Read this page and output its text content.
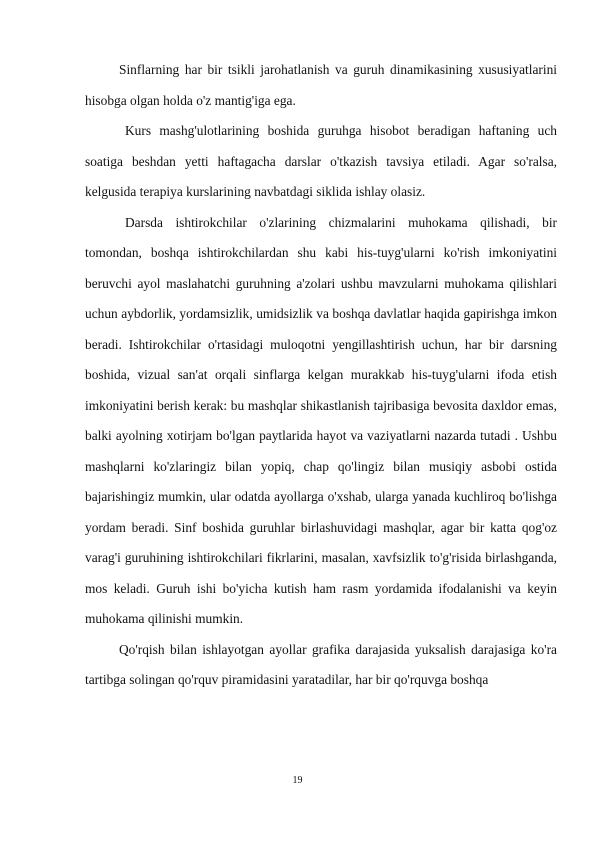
Sinflarning har bir tsikli jarohatlanish va guruh dinamikasining xususiyatlarini hisobga olgan holda o'z mantig'iga ega.

Kurs mashg'ulotlarining boshida guruhga hisobot beradigan haftaning uch soatiga beshdan yetti haftagacha darslar o'tkazish tavsiya etiladi. Agar so'ralsa, kelgusida terapiya kurslarining navbatdagi siklida ishlay olasiz.

Darsda ishtirokchilar o'zlarining chizmalarini muhokama qilishadi, bir tomondan, boshqa ishtirokchilardan shu kabi his-tuyg'ularni ko'rish imkoniyatini beruvchi ayol maslahatchi guruhning a'zolari ushbu mavzularni muhokama qilishlari uchun aybdorlik, yordamsizlik, umidsizlik va boshqa davlatlar haqida gapirishga imkon beradi. Ishtirokchilar o'rtasidagi muloqotni yengillashtirish uchun, har bir darsning boshida, vizual san'at orqali sinflarga kelgan murakkab his-tuyg'ularni ifoda etish imkoniyatini berish kerak: bu mashqlar shikastlanish tajribasiga bevosita daxldor emas, balki ayolning xotirjam bo'lgan paytlarida hayot va vaziyatlarni nazarda tutadi . Ushbu mashqlarni ko'zlaringiz bilan yopiq, chap qo'lingiz bilan musiqiy asbobi ostida bajarishingiz mumkin, ular odatda ayollarga o'xshab, ularga yanada kuchliroq bo'lishga yordam beradi. Sinf boshida guruhlar birlashuvidagi mashqlar, agar bir katta qog'oz varag'i guruhining ishtirokchilari fikrlarini, masalan, xavfsizlik to'g'risida birlashganda, mos keladi. Guruh ishi bo'yicha kutish ham rasm yordamida ifodalanishi va keyin muhokama qilinishi mumkin.

Qo'rqish bilan ishlayotgan ayollar grafika darajasida yuksalish darajasiga ko'ra tartibga solingan qo'rquv piramidasini yaratadilar, har bir qo'rquvga boshqa

19
